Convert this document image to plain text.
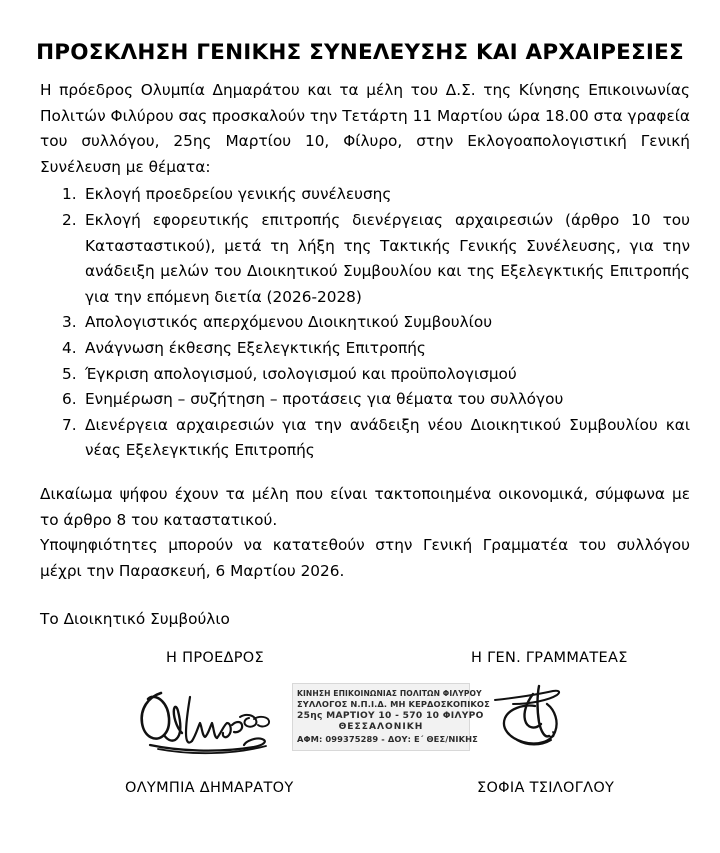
ΠΡΟΣΚΛΗΣΗ ΓΕΝΙΚΗΣ ΣΥΝΕΛΕΥΣΗΣ ΚΑΙ ΑΡΧΑΙΡΕΣΙΕΣ

Η πρόεδρος Ολυμπία Δημαράτου και τα μέλη του Δ.Σ. της Κίνησης Επικοινωνίας Πολιτών Φιλύρου σας προσκαλούν την Τετάρτη 11 Μαρτίου ώρα 18.00 στα γραφεία του συλλόγου, 25ης Μαρτίου 10, Φίλυρο, στην Εκλογοαπολογιστική Γενική Συνέλευση με θέματα:

Εκλογή προεδρείου γενικής συνέλευσης
Εκλογή εφορευτικής επιτροπής διενέργειας αρχαιρεσιών (άρθρο 10 του Κατασταστικού), μετά τη λήξη της Τακτικής Γενικής Συνέλευσης, για την ανάδειξη μελών του Διοικητικού Συμβουλίου και της Εξελεγκτικής Επιτροπής για την επόμενη διετία (2026-2028)
Απολογιστικός απερχόμενου Διοικητικού Συμβουλίου
Ανάγνωση έκθεσης Εξελεγκτικής Επιτροπής
Έγκριση απολογισμού, ισολογισμού και προϋπολογισμού
Ενημέρωση – συζήτηση – προτάσεις για θέματα του συλλόγου
Διενέργεια αρχαιρεσιών για την ανάδειξη νέου Διοικητικού Συμβουλίου και νέας Εξελεγκτικής Επιτροπής

Δικαίωμα ψήφου έχουν τα μέλη που είναι τακτοποιημένα οικονομικά, σύμφωνα με το άρθρο 8 του καταστατικού.

Υποψηφιότητες μπορούν να κατατεθούν στην Γενική Γραμματέα του συλλόγου μέχρι την Παρασκευή, 6 Μαρτίου 2026.

Το Διοικητικό Συμβούλιο

Η ΠΡΟΕΔΡΟΣ	Η ΓΕΝ. ΓΡΑΜΜΑΤΕΑΣ
ΚΙΝΗΣΗ ΕΠΙΚΟΙΝΩΝΙΑΣ ΠΟΛΙΤΩΝ ΦΙΛΥΡΟΥ
ΣΥΛΛΟΓΟΣ Ν.Π.Ι.Δ. ΜΗ ΚΕΡΔΟΣΚΟΠΙΚΟΣ
25ης ΜΑΡΤΙΟΥ 10 - 570 10 ΦΙΛΥΡΟ
ΘΕΣΣΑΛΟΝΙΚΗ
ΑΦΜ: 099375289 - ΔΟΥ: Ε΄ ΘΕΣ/ΝΙΚΗΣ
ΟΛΥΜΠΙΑ ΔΗΜΑΡΑΤΟΥ	ΣΟΦΙΑ ΤΣΙΛΟΓΛΟΥ
